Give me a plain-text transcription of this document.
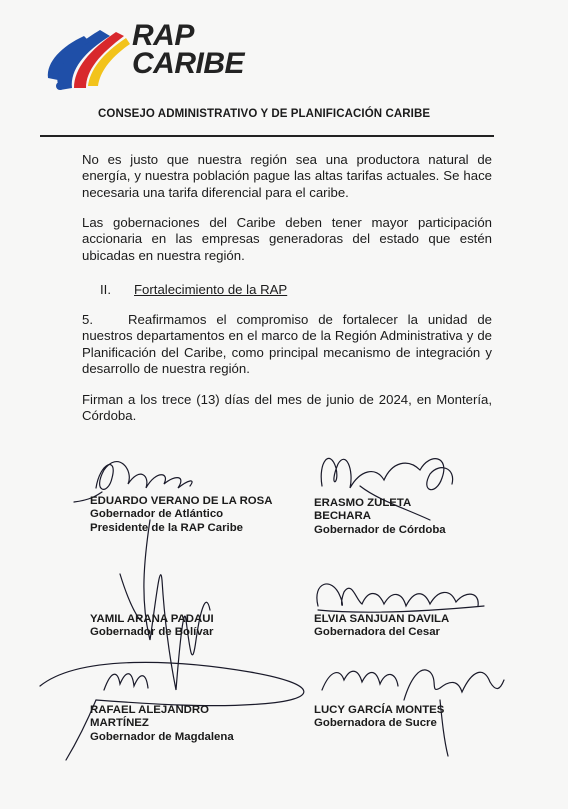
RAP
CARIBE
CONSEJO ADMINISTRATIVO Y DE PLANIFICACIÓN CARIBE

No es justo que nuestra región sea una productora natural de energía, y nuestra población pague las altas tarifas actuales. Se hace necesaria una tarifa diferencial para el caribe.

Las gobernaciones del Caribe deben tener mayor participación accionaria en las empresas generadoras del estado que estén ubicadas en nuestra región.

II. Fortalecimiento de la RAP

5.	Reafirmamos el compromiso de fortalecer la unidad de nuestros departamentos en el marco de la Región Administrativa y de Planificación del Caribe, como principal mecanismo de integración y desarrollo de nuestra región.

Firman a los trece (13) días del mes de junio de 2024, en Montería, Córdoba.

EDUARDO VERANO DE LA ROSA
Gobernador de Atlántico Presidente de la RAP Caribe
ERASMO ZULETA BECHARA
Gobernador de Córdoba
YAMIL ARANA PADAUI
Gobernador de Bolívar
ELVIA SANJUAN DAVILA
Gobernadora del Cesar
RAFAEL ALEJANDRO MARTÍNEZ
Gobernador de Magdalena
LUCY GARCÍA MONTES
Gobernadora de Sucre
